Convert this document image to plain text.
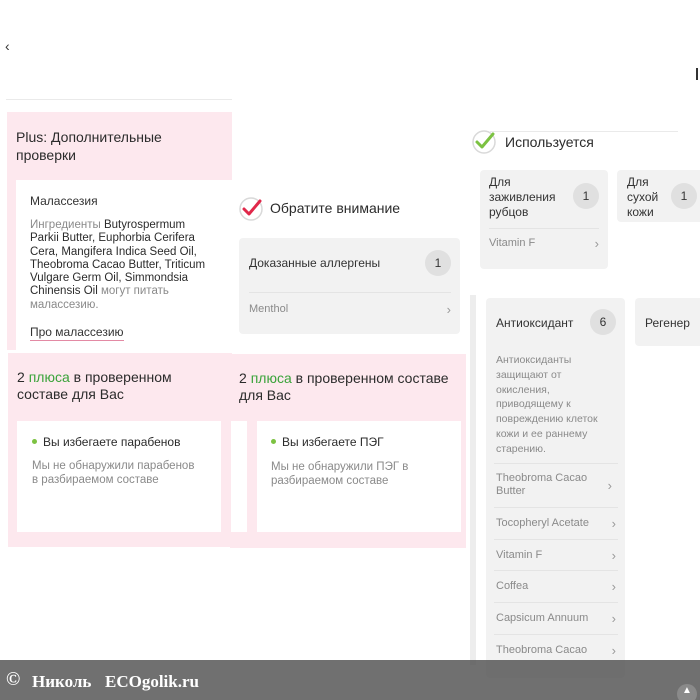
‹
Plus: Дополнительные проверки
Малассезия
Ингредиенты Butyrospermum Parkii Butter, Euphorbia Cerifera Cera, Mangifera Indica Seed Oil, Theobroma Cacao Butter, Triticum Vulgare Germ Oil, Simmondsia Chinensis Oil могут питать малассезию.
Про малассезию
Обратите внимание
Доказанные аллергены	1
Menthol	›
Используется
Для заживления рубцов
1
Vitamin F	›
Для сухой кожи
1
2 плюса в проверенном составе для Вас
Вы избегаете парабенов
Мы не обнаружили парабенов в разбираемом составе
2 плюса в проверенном составе для Вас
Вы избегаете ПЭГ
Мы не обнаружили ПЭГ в разбираемом составе
Антиоксидант	6
Антиоксиданты защищают от окисления, приводящему к повреждению клеток кожи и ее раннему старению.
Theobroma Cacao Butter	›
Tocopheryl Acetate ›
Vitamin F	›
Coffea	›
Capsicum Annuum ›
Theobroma Cacao ›
Регенер
© Николь ECOgolik.ru	▲
